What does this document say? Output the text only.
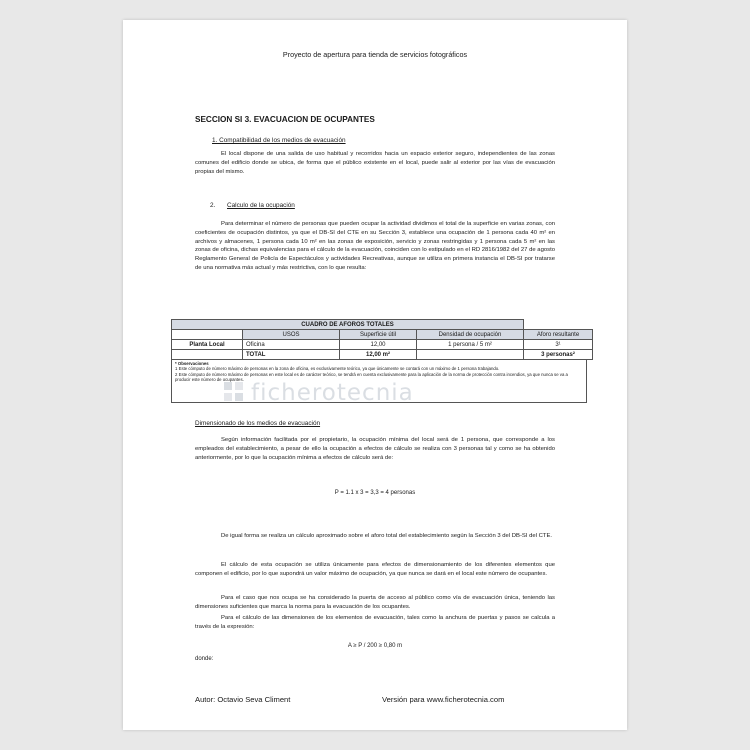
Proyecto de apertura para tienda de servicios fotográficos
SECCION SI 3. EVACUACION DE OCUPANTES
1. Compatibilidad de los medios de evacuación
El local dispone de una salida de uso habitual y recorridos hacia un espacio exterior seguro, independientes de las zonas comunes del edificio donde se ubica, de forma que el público existente en el local, puede salir al exterior por las vías de evacuación propias del mismo.
2. Calculo de la ocupación
Para determinar el número de personas que pueden ocupar la actividad dividimos el total de la superficie en varias zonas, con coeficientes de ocupación distintos, ya que el DB-SI del CTE en su Sección 3, establece una ocupación de 1 persona cada 40 m² en archivos y almacenes, 1 persona cada 10 m² en las zonas de exposición, servicio y zonas restringidas y 1 persona cada 5 m² en las zonas de oficina, dichas equivalencias para el cálculo de la evacuación, coinciden con lo estipulado en el RD 2816/1982 del 27 de agosto Reglamento General de Policía de Espectáculos y actividades Recreativas, aunque se utiliza en primera instancia el DB-SI por tratarse de una normativa más actual y más restrictiva, con lo que resulta:
CUADRO DE AFOROS TOTALES				
	USOS	Superficie útil	Densidad de ocupación	Aforo resultante
Planta Local	Oficina	12,00	1 persona / 5 m²	3¹
	TOTAL	12,00 m²		3 personas²
* Observaciones
1 Este cómputo de número máximo de personas en la zona de oficina, es exclusivamente teórico, ya que únicamente se contará con un máximo de 1 persona trabajando.
2 Este cómputo de número máximo de personas en este local es de carácter teórico, se tendrá en cuenta exclusivamente para la aplicación de la norma de protección contra incendios, ya que nunca se va a producir este número de ocupantes.
ficherotecnia
Dimensionado de los medios de evacuación
Según información facilitada por el propietario, la ocupación mínima del local será de 1 persona, que corresponde a los empleados del establecimiento, a pesar de ello la ocupación a efectos de cálculo se realiza con 3 personas tal y como se ha obtenido anteriormente, por lo que la ocupación mínima a efectos de cálculo será de:
P = 1.1 x 3 = 3,3 = 4 personas
De igual forma se realiza un cálculo aproximado sobre el aforo total del establecimiento según la Sección 3 del DB-SI del CTE.
El cálculo de esta ocupación se utiliza únicamente para efectos de dimensionamiento de los diferentes elementos que componen el edificio, por lo que supondrá un valor máximo de ocupación, ya que nunca se dará en el local este número de ocupantes.
Para el caso que nos ocupa se ha considerado la puerta de acceso al público como vía de evacuación única, teniendo las dimensiones suficientes que marca la norma para la evacuación de los ocupantes.
Para el cálculo de las dimensiones de los elementos de evacuación, tales como la anchura de puertas y pasos se calcula a través de la expresión:
A ≥ P / 200 ≥ 0,80 m
donde:
Autor: Octavio Seva Climent	Versión para www.ficherotecnia.com
